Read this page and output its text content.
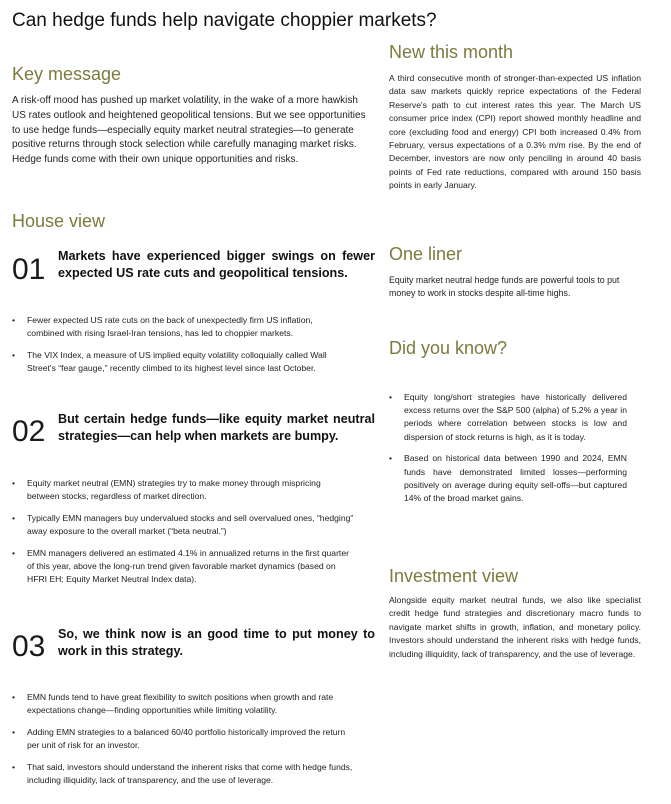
Can hedge funds help navigate choppier markets?
Key message

A risk-off mood has pushed up market volatility, in the wake of a more hawkish US rates outlook and heightened geopolitical tensions. But we see opportunities to use hedge funds—especially equity market neutral strategies—to generate positive returns through stock selection while carefully managing market risks. Hedge funds come with their own unique opportunities and risks.

House view
01 Markets have experienced bigger swings on fewer expected US rate cuts and geopolitical tensions.

• Fewer expected US rate cuts on the back of unexpectedly firm US inflation, combined with rising Israel-Iran tensions, has led to choppier markets.
• The VIX Index, a measure of US implied equity volatility colloquially called Wall Street's “fear gauge,” recently climbed to its highest level since last October.
02 But certain hedge funds—like equity market neutral strategies—can help when markets are bumpy.

• Equity market neutral (EMN) strategies try to make money through mispricing between stocks, regardless of market direction.
• Typically EMN managers buy undervalued stocks and sell overvalued ones, “hedging” away exposure to the overall market (“beta neutral.”)
• EMN managers delivered an estimated 4.1% in annualized returns in the first quarter of this year, above the long-run trend given favorable market dynamics (based on HFRI EH: Equity Market Neutral Index data).
03 So, we think now is an good time to put money to work in this strategy.

• EMN funds tend to have great flexibility to switch positions when growth and rate expectations change—finding opportunities while limiting volatility.
• Adding EMN strategies to a balanced 60/40 portfolio historically improved the return per unit of risk for an investor.
• That said, investors should understand the inherent risks that come with hedge funds, including illiquidity, lack of transparency, and the use of leverage.
New this month

A third consecutive month of stronger-than-expected US inflation data saw markets quickly reprice expectations of the Federal Reserve's path to cut interest rates this year. The March US consumer price index (CPI) report showed monthly headline and core (excluding food and energy) CPI both increased 0.4% from February, versus expectations of a 0.3% m/m rise. By the end of December, investors are now only penciling in around 40 basis points of Fed rate reductions, compared with around 150 basis points in early January.

One liner

Equity market neutral hedge funds are powerful tools to put money to work in stocks despite all-time highs.

Did you know?
• Equity long/short strategies have historically delivered excess returns over the S&P 500 (alpha) of 5.2% a year in periods where correlation between stocks is low and dispersion of stock returns is high, as it is today.
• Based on historical data between 1990 and 2024, EMN funds have demonstrated limited losses—performing positively on average during equity sell-offs—but captured 14% of the broad market gains.
Investment view

Alongside equity market neutral funds, we also like specialist credit hedge fund strategies and discretionary macro funds to navigate market shifts in growth, inflation, and monetary policy. Investors should understand the inherent risks with hedge funds, including illiquidity, lack of transparency, and the use of leverage.
